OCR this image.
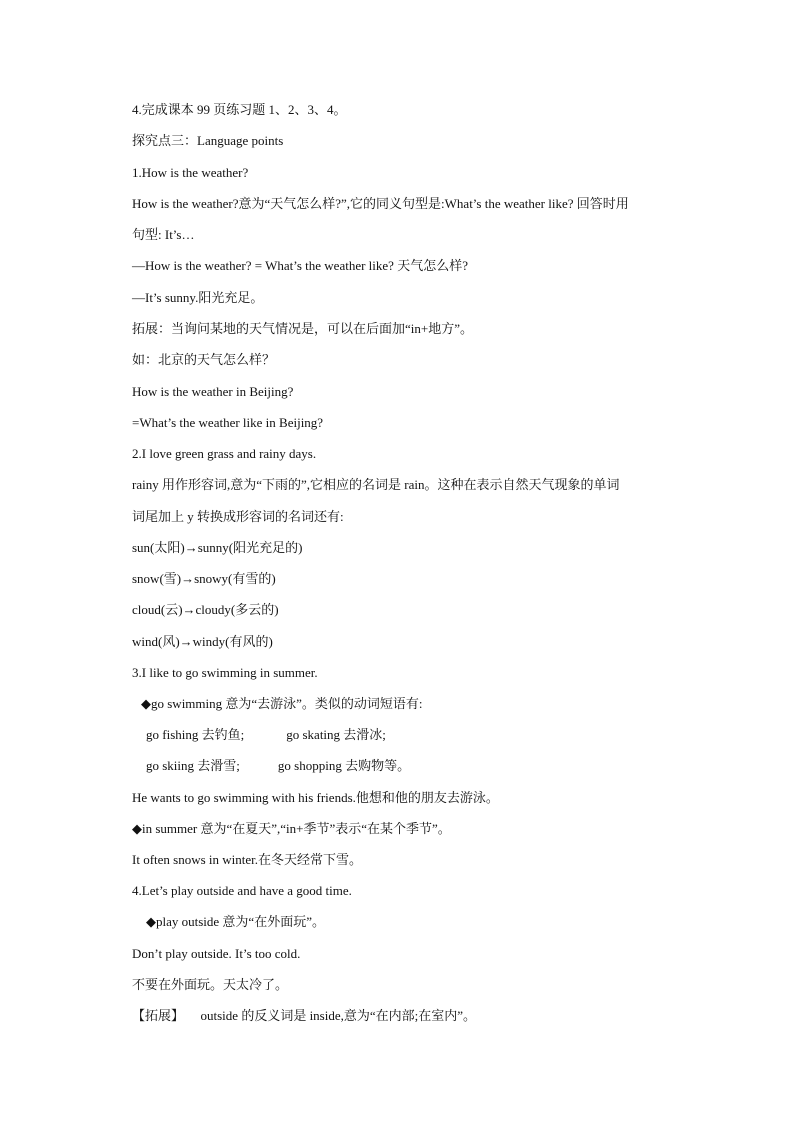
4.完成课本 99 页练习题 1、2、3、4。
探究点三：Language points
1.How is the weather?
How is the weather?意为“天气怎么样?”,它的同义句型是:What’s the weather like? 回答时用
句型: It’s…
—How is the weather? = What’s the weather like? 天气怎么样?
—It’s sunny.阳光充足。
拓展：当询问某地的天气情况是，可以在后面加“in+地方”。
如：北京的天气怎么样？
How is the weather in Beijing?
=What’s the weather like in Beijing?
2.I love green grass and rainy days.
rainy 用作形容词,意为“下雨的”,它相应的名词是 rain。这种在表示自然天气现象的单词
词尾加上 y 转换成形容词的名词还有:
sun(太阳)→sunny(阳光充足的)
snow(雪)→snowy(有雪的)
cloud(云)→cloudy(多云的)
wind(风)→windy(有风的)
3.I like to go swimming in summer.
◆go swimming 意为“去游泳”。类似的动词短语有:
go fishing 去钓鱼;	go skating 去滑冰;
go skiing 去滑雪;	go shopping 去购物等。
He wants to go swimming with his friends.他想和他的朋友去游泳。
◆in summer 意为“在夏天”,“in+季节”表示“在某个季节”。
It often snows in winter.在冬天经常下雪。
4.Let’s play outside and have a good time.
◆play outside 意为“在外面玩”。
Don’t play outside. It’s too cold.
不要在外面玩。天太冷了。
【拓展】 outside 的反义词是 inside,意为“在内部;在室内”。
